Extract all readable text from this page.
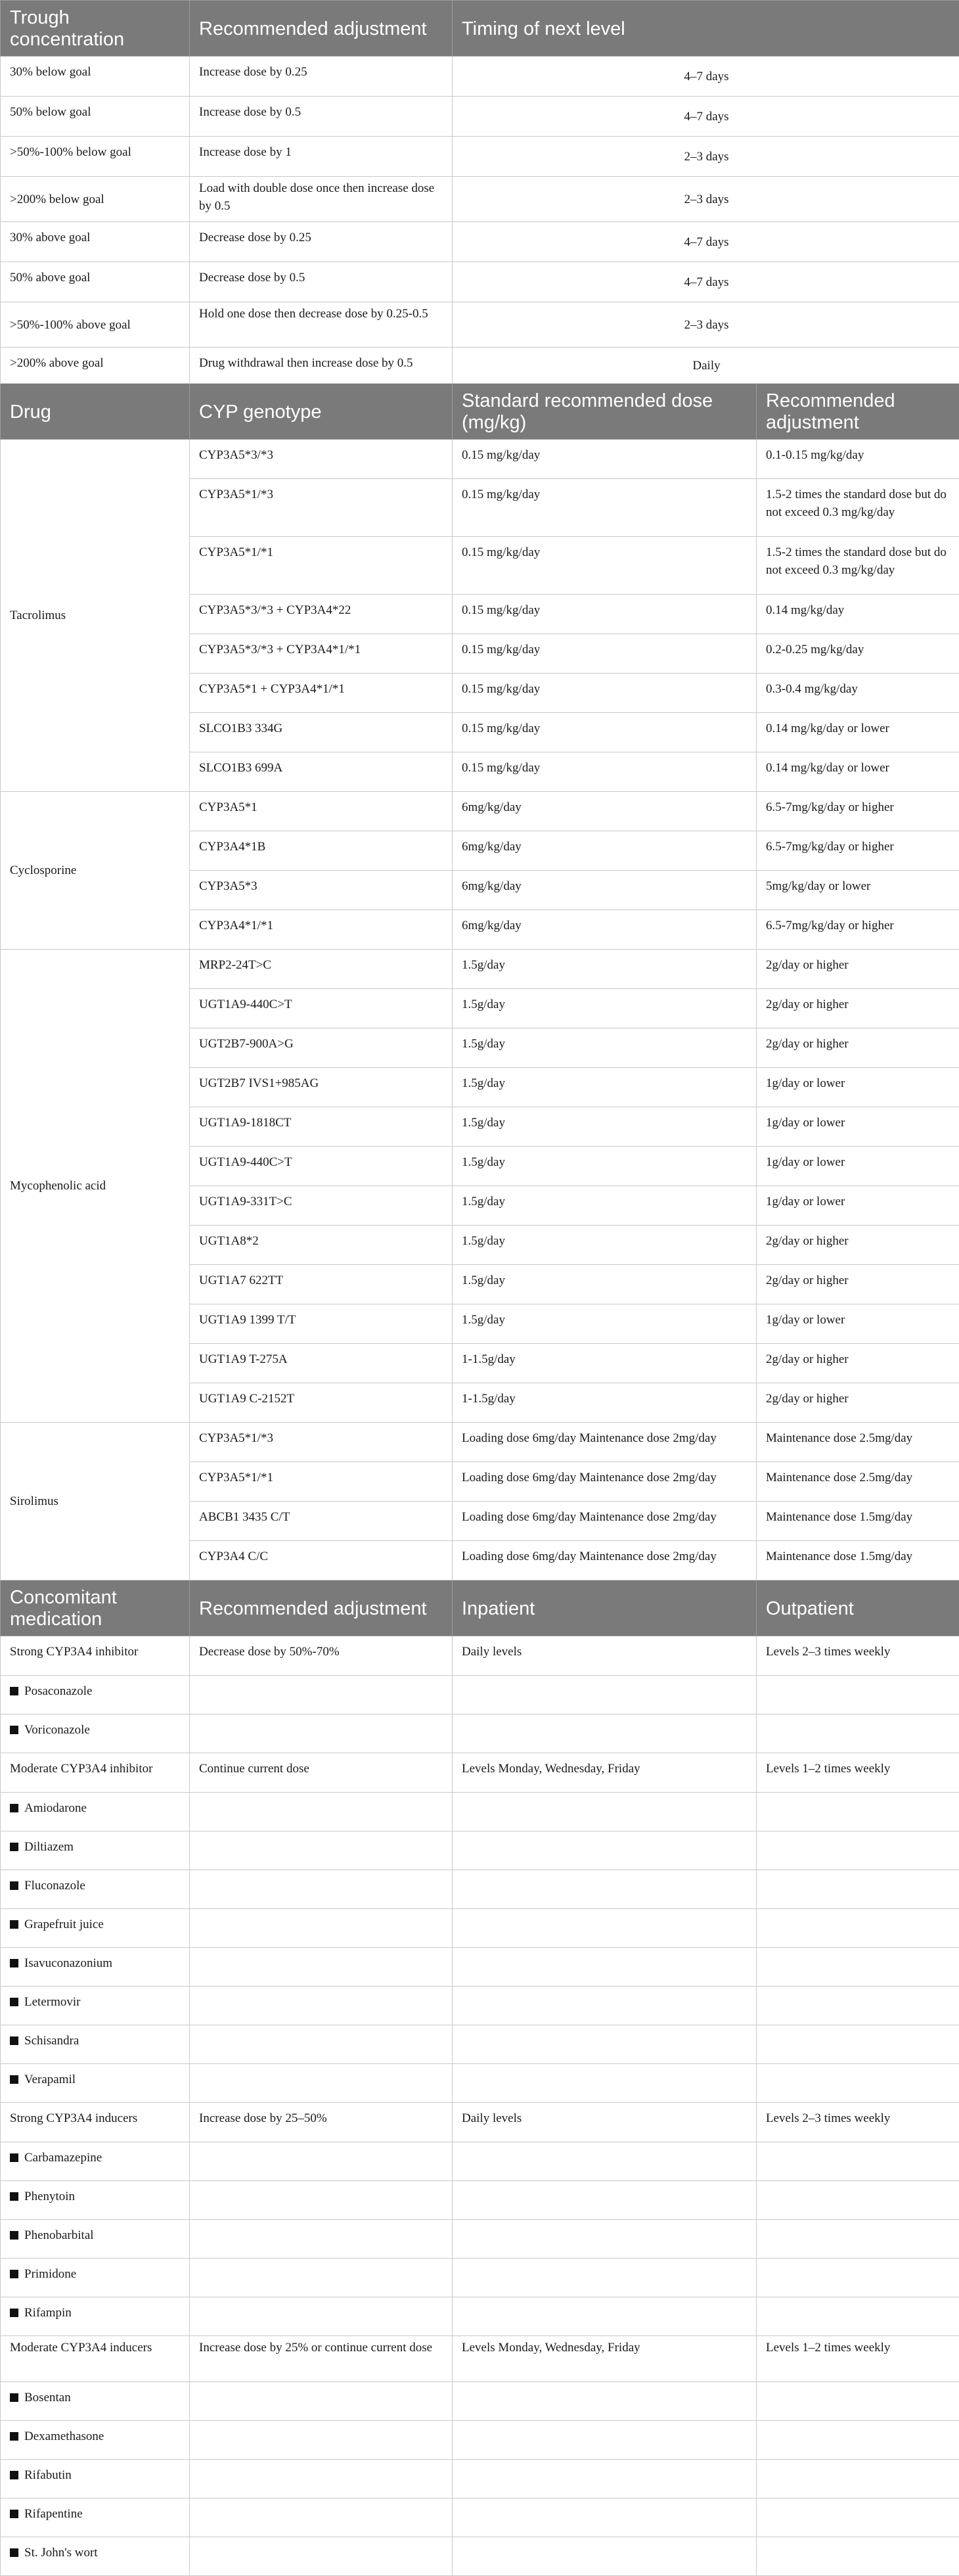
Trough concentration	Recommended adjustment	Timing of next level	
30% below goal	Increase dose by 0.25	4–7 days	
50% below goal	Increase dose by 0.5	4–7 days	
>50%-100% below goal	Increase dose by 1	2–3 days	
>200% below goal	Load with double dose once then increase dose by 0.5	2–3 days	
30% above goal	Decrease dose by 0.25	4–7 days	
50% above goal	Decrease dose by 0.5	4–7 days	
>50%-100% above goal	Hold one dose then decrease dose by 0.25-0.5	2–3 days	
>200% above goal	Drug withdrawal then increase dose by 0.5	Daily	
Drug	CYP genotype	Standard recommended dose (mg/kg)	Recommended adjustment
Tacrolimus	CYP3A5*3/*3	0.15 mg/kg/day	0.1-0.15 mg/kg/day
	CYP3A5*1/*3	0.15 mg/kg/day	1.5-2 times the standard dose but do not exceed 0.3 mg/kg/day
	CYP3A5*1/*1	0.15 mg/kg/day	1.5-2 times the standard dose but do not exceed 0.3 mg/kg/day
	CYP3A5*3/*3 + CYP3A4*22	0.15 mg/kg/day	0.14 mg/kg/day
	CYP3A5*3/*3 + CYP3A4*1/*1	0.15 mg/kg/day	0.2-0.25 mg/kg/day
	CYP3A5*1 + CYP3A4*1/*1	0.15 mg/kg/day	0.3-0.4 mg/kg/day
	SLCO1B3 334G	0.15 mg/kg/day	0.14 mg/kg/day or lower
	SLCO1B3 699A	0.15 mg/kg/day	0.14 mg/kg/day or lower
Cyclosporine	CYP3A5*1	6mg/kg/day	6.5-7mg/kg/day or higher
	CYP3A4*1B	6mg/kg/day	6.5-7mg/kg/day or higher
	CYP3A5*3	6mg/kg/day	5mg/kg/day or lower
	CYP3A4*1/*1	6mg/kg/day	6.5-7mg/kg/day or higher
Mycophenolic acid	MRP2-24T>C	1.5g/day	2g/day or higher
	UGT1A9-440C>T	1.5g/day	2g/day or higher
	UGT2B7-900A>G	1.5g/day	2g/day or higher
	UGT2B7 IVS1+985AG	1.5g/day	1g/day or lower
	UGT1A9-1818CT	1.5g/day	1g/day or lower
	UGT1A9-440C>T	1.5g/day	1g/day or lower
	UGT1A9-331T>C	1.5g/day	1g/day or lower
	UGT1A8*2	1.5g/day	2g/day or higher
	UGT1A7 622TT	1.5g/day	2g/day or higher
	UGT1A9 1399 T/T	1.5g/day	1g/day or lower
	UGT1A9 T-275A	1-1.5g/day	2g/day or higher
	UGT1A9 C-2152T	1-1.5g/day	2g/day or higher
Sirolimus	CYP3A5*1/*3	Loading dose 6mg/day Maintenance dose 2mg/day	Maintenance dose 2.5mg/day
	CYP3A5*1/*1	Loading dose 6mg/day Maintenance dose 2mg/day	Maintenance dose 2.5mg/day
	ABCB1 3435 C/T	Loading dose 6mg/day Maintenance dose 2mg/day	Maintenance dose 1.5mg/day
	CYP3A4 C/C	Loading dose 6mg/day Maintenance dose 2mg/day	Maintenance dose 1.5mg/day
Concomitant medication	Recommended adjustment	Inpatient	Outpatient
Strong CYP3A4 inhibitor	Decrease dose by 50%-70%	Daily levels	Levels 2–3 times weekly
Posaconazole			
Voriconazole			
Moderate CYP3A4 inhibitor	Continue current dose	Levels Monday, Wednesday, Friday	Levels 1–2 times weekly
Amiodarone			
Diltiazem			
Fluconazole			
Grapefruit juice			
Isavuconazonium			
Letermovir			
Schisandra			
Verapamil			
Strong CYP3A4 inducers	Increase dose by 25–50%	Daily levels	Levels 2–3 times weekly
Carbamazepine			
Phenytoin			
Phenobarbital			
Primidone			
Rifampin			
Moderate CYP3A4 inducers	Increase dose by 25% or continue current dose	Levels Monday, Wednesday, Friday	Levels 1–2 times weekly
Bosentan			
Dexamethasone			
Rifabutin			
Rifapentine			
St. John's wort			
